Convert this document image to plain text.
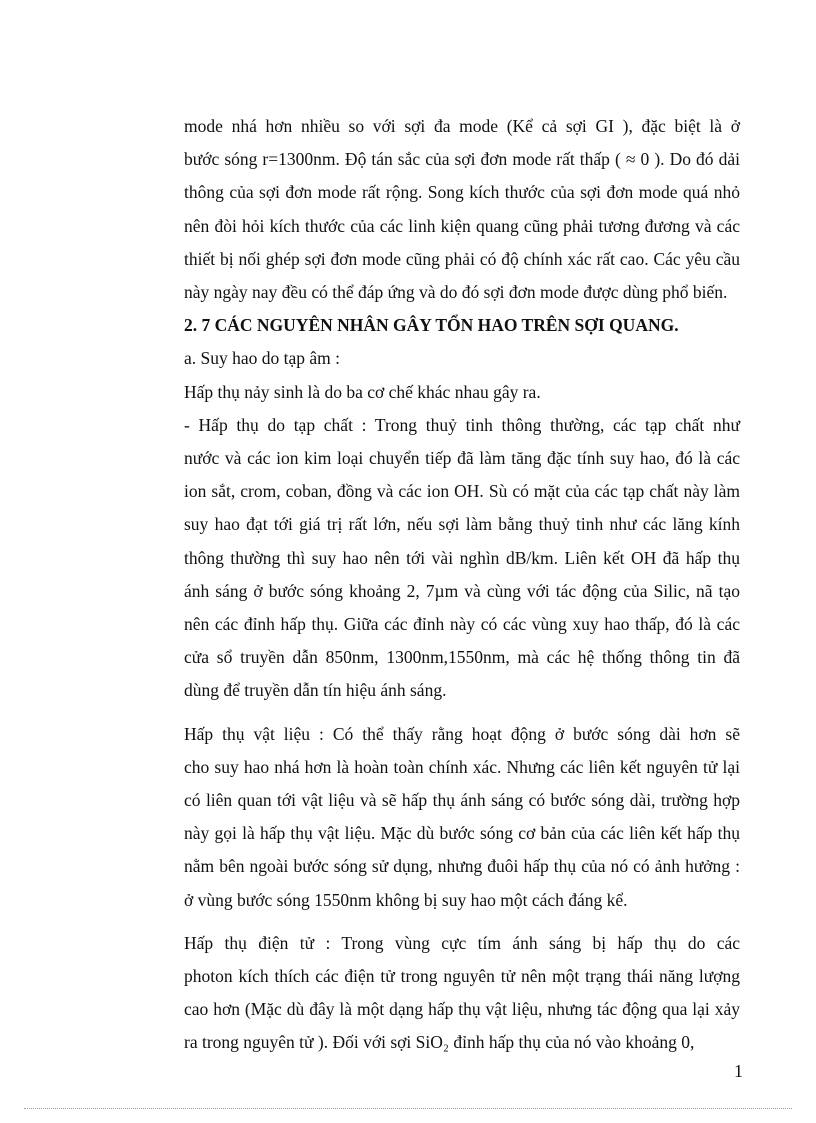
mode nhá hơn nhiều so với sợi đa mode (Kể cả sợi GI ), đặc biệt là ở
bước sóng r=1300nm. Độ tán sắc của sợi đơn mode rất thấp ( ≈ 0 ). Do đó dải
thông của sợi đơn mode rất rộng. Song kích thước của sợi đơn mode quá nhỏ
nên đòi hỏi kích thước của các linh kiện quang cũng phải tương đương và các
thiết bị nối ghép sợi đơn mode cũng phải có độ chính xác rất cao. Các yêu cầu
này ngày nay đều có thể đáp ứng và do đó sợi đơn mode được dùng phổ biến.

2. 7 CÁC NGUYÊN NHÂN GÂY TỔN HAO TRÊN SỢI QUANG.

a. Suy hao do tạp âm :

Hấp thụ nảy sinh là do ba cơ chế khác nhau gây ra.

- Hấp thụ do tạp chất : Trong thuỷ tinh thông thường, các tạp chất như
nước và các ion kim loại chuyển tiếp đã làm tăng đặc tính suy hao, đó là các
ion sắt, crom, coban, đồng và các ion OH. Sù có mặt của các tạp chất này làm
suy hao đạt tới giá trị rất lớn, nếu sợi làm bằng thuỷ tinh như các lăng kính
thông thường thì suy hao nên tới vài nghìn dB/km. Liên kết OH đã hấp thụ
ánh sáng ở bước sóng khoảng 2, 7µm và cùng với tác động của Silic, nã tạo
nên các đỉnh hấp thụ. Giữa các đỉnh này có các vùng xuy hao thấp, đó là các
cửa sổ truyền dẫn 850nm, 1300nm,1550nm, mà các hệ thống thông tin đã
dùng để truyền dẫn tín hiệu ánh sáng.

Hấp thụ vật liệu : Có thể thấy rằng hoạt động ở bước sóng dài hơn sẽ
cho suy hao nhá hơn là hoàn toàn chính xác. Nhưng các liên kết nguyên tử lại
có liên quan tới vật liệu và sẽ hấp thụ ánh sáng có bước sóng dài, trường hợp
này gọi là hấp thụ vật liệu. Mặc dù bước sóng cơ bản của các liên kết hấp thụ
nằm bên ngoài bước sóng sử dụng, nhưng đuôi hấp thụ của nó có ảnh hưởng :
ở vùng bước sóng 1550nm không bị suy hao một cách đáng kể.

Hấp thụ điện tử : Trong vùng cực tím ánh sáng bị hấp thụ do các
photon kích thích các điện tử trong nguyên tử nên một trạng thái năng lượng
cao hơn (Mặc dù đây là một dạng hấp thụ vật liệu, nhưng tác động qua lại xảy
ra trong nguyên tử ). Đối với sợi SiO₂ đỉnh hấp thụ của nó vào khoảng 0,

1
